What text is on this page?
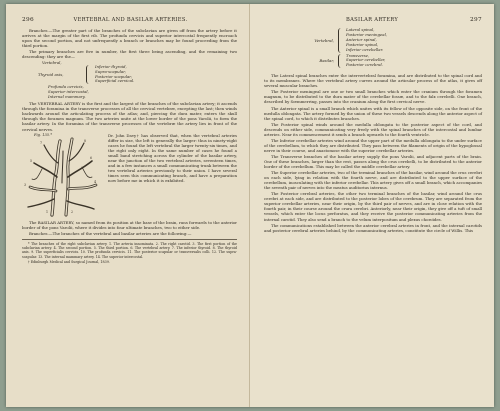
296	VERTEBRAL AND BASILAR ARTERIES.

Branches.—The greater part of the branches of the subclavian are given off from the artery before it arrives at the margin of the first rib. The profunda cervicis and superior intercostal frequently encroach upon the second portion, and not unfrequently a branch or branches may be found proceeding from the third portion.

The primary branches are five in number, the first three being ascending, and the remaining two descending: they are the—

Vertebral,
Thyroid axis,
Inferior thyroid,
Supra-scapular,
Posterior scapular,
Superficial cervical.
Profunda cervicis,
Superior intercostal,
Internal mammary.

The VERTEBRAL ARTERY is the first and the largest of the branches of the subclavian artery; it ascends through the foramina in the transverse processes of all the cervical vertebræ, excepting the last; then winds backwards around the articulating process of the atlas; and, piercing the dura mater, enters the skull through the foramen magnum. The two arteries unite at the lower border of the pons Varolii, to form the basilar artery. In the foramina of the transverse processes of the vertebræ the artery lies in front of the cervical nerves.

Fig. 135.*
1	2
3
4
5
6
7	8

Dr. John Davy† has observed that, when the vertebral arteries differ in size, the left is generally the larger: thus in ninety-eight cases he found the left vertebral the larger twenty-six times, and the right only eight. In the same number of cases he found a small band stretching across the cylinder of the basilar artery, near the junction of the two vertebral arteries, seventeen times, and in a few instances a small communicating trunk between the two vertebral arteries previously to their union. I have several times seen this communicating branch, and have a preparation now before me in which it is exhibited.

The BASILAR ARTERY, so named from its position at the base of the brain, runs forwards to the anterior border of the pons Varolii, where it divides into four ultimate branches, two to either side.

Branches.—The branches of the vertebral and basilar arteries are the following:—

* The branches of the right subclavian artery. 1. The arteria innominata. 2. The right carotid. 3. The first portion of the subclavian artery. 4. The second portion. 5. The third portion. 6. The vertebral artery. 7. The inferior thyroid. 8. The thyroid axis. 9. The superficialis cervicis. 10. The profunda cervicis. 11. The posterior scapular or transversalis colli. 12. The supra-scapular. 13. The internal mammary artery. 14. The superior intercostal.

† Edinburgh Medical and Surgical Journal, 1839.

BASILAR ARTERY	297
Vertebral,
Lateral spinal,
Posterior meningeal,
Anterior spinal,
Posterior spinal,
Inferior cerebellar.
Basilar,
Transverse,
Superior cerebellar,
Posterior cerebral.

The Lateral spinal branches enter the intervertebral foramina, and are distributed to the spinal cord and to its membranes. Where the vertebral artery curves around the articular process of the atlas, it gives off several muscular branches.

The Posterior meningeal are one or two small branches which enter the cranium through the foramen magnum, to be distributed to the dura mater of the cerebellar fossæ, and to the falx cerebelli. One branch, described by Sœmmerring, passes into the cranium along the first cervical nerve.

The Anterior spinal is a small branch which unites with its fellow of the opposite side, on the front of the medulla oblongata. The artery formed by the union of these two vessels descends along the anterior aspect of the spinal cord, to which it distributes branches.

The Posterior spinal winds around the medulla oblongata to the posterior aspect of the cord, and descends on either side, communicating very freely with the spinal branches of the intercostal and lumbar arteries. Near its commencement it sends a branch upwards to the fourth ventricle.

The Inferior cerebellar arteries wind around the upper part of the medulla oblongata to the under surface of the cerebellum, to which they are distributed. They pass between the filaments of origin of the hypoglossal nerve in their course, and anastomose with the superior cerebellar arteries.

The Transverse branches of the basilar artery supply the pons Varolii, and adjacent parts of the brain. One of these branches, larger than the rest, passes along the crus cerebelli, to be distributed to the anterior border of the cerebellum. This may be called the middle cerebellar artery.

The Superior cerebellar arteries, two of the terminal branches of the basilar, wind around the crus cerebri on each side, lying in relation with the fourth nerve, and are distributed to the upper surface of the cerebellum, inosculating with the inferior cerebellar. This artery gives off a small branch, which accompanies the seventh pair of nerves into the meatus auditorius internus.

The Posterior cerebral arteries, the other two terminal branches of the basilar, wind around the crus cerebri at each side, and are distributed to the posterior lobes of the cerebrum. They are separated from the superior cerebellar arteries, near their origin, by the third pair of nerves, and are in close relation with the fourth pair, in their course around the crura cerebri. Anteriorly, near their origin, they give off a tuft of small vessels, which enter the locus perforatus, and they receive the posterior communicating arteries from the internal carotid. They also send a branch to the velum interpositum and plexus choroïdes.

The communications established between the anterior cerebral arteries in front, and the internal carotids and posterior cerebral arteries behind, by the communicating arteries, constitute the circle of Willis. This
